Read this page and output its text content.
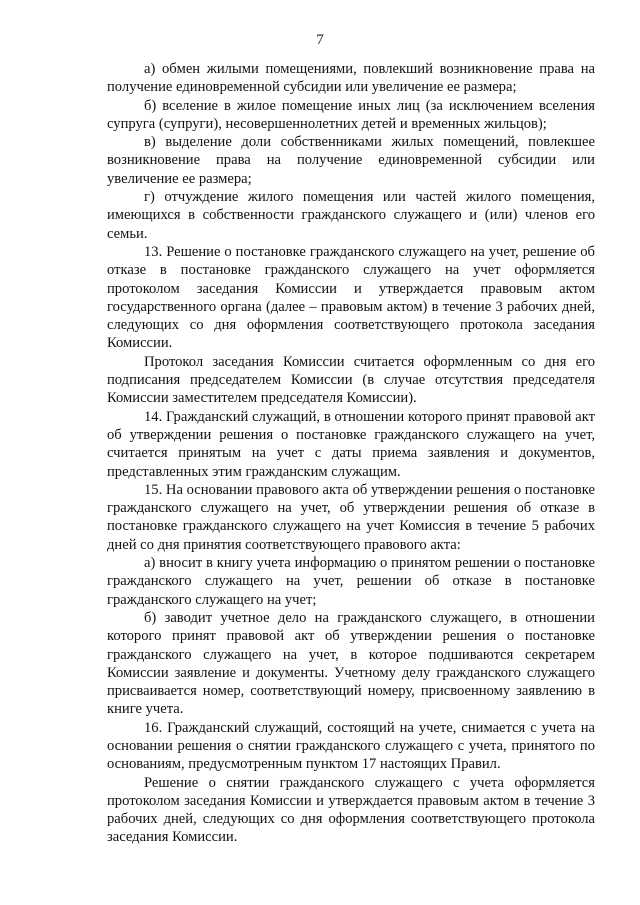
7

а) обмен жилыми помещениями, повлекший возникновение права на получение единовременной субсидии или увеличение ее размера;

б) вселение в жилое помещение иных лиц (за исключением вселения супруга (супруги), несовершеннолетних детей и временных жильцов);

в) выделение доли собственниками жилых помещений, повлекшее возникновение права на получение единовременной субсидии или увеличение ее размера;

г) отчуждение жилого помещения или частей жилого помещения, имеющихся в собственности гражданского служащего и (или) членов его семьи.

13. Решение о постановке гражданского служащего на учет, решение об отказе в постановке гражданского служащего на учет оформляется протоколом заседания Комиссии и утверждается правовым актом государственного органа (далее – правовым актом) в течение 3 рабочих дней, следующих со дня оформления соответствующего протокола заседания Комиссии.

Протокол заседания Комиссии считается оформленным со дня его подписания председателем Комиссии (в случае отсутствия председателя Комиссии заместителем председателя Комиссии).

14. Гражданский служащий, в отношении которого принят правовой акт об утверждении решения о постановке гражданского служащего на учет, считается принятым на учет с даты приема заявления и документов, представленных этим гражданским служащим.

15. На основании правового акта об утверждении решения о постановке гражданского служащего на учет, об утверждении решения об отказе в постановке гражданского служащего на учет Комиссия в течение 5 рабочих дней со дня принятия соответствующего правового акта:

а) вносит в книгу учета информацию о принятом решении о постановке гражданского служащего на учет, решении об отказе в постановке гражданского служащего на учет;

б) заводит учетное дело на гражданского служащего, в отношении которого принят правовой акт об утверждении решения о постановке гражданского служащего на учет, в которое подшиваются секретарем Комиссии заявление и документы. Учетному делу гражданского служащего присваивается номер, соответствующий номеру, присвоенному заявлению в книге учета.

16. Гражданский служащий, состоящий на учете, снимается с учета на основании решения о снятии гражданского служащего с учета, принятого по основаниям, предусмотренным пунктом 17 настоящих Правил.

Решение о снятии гражданского служащего с учета оформляется протоколом заседания Комиссии и утверждается правовым актом в течение 3 рабочих дней, следующих со дня оформления соответствующего протокола заседания Комиссии.
